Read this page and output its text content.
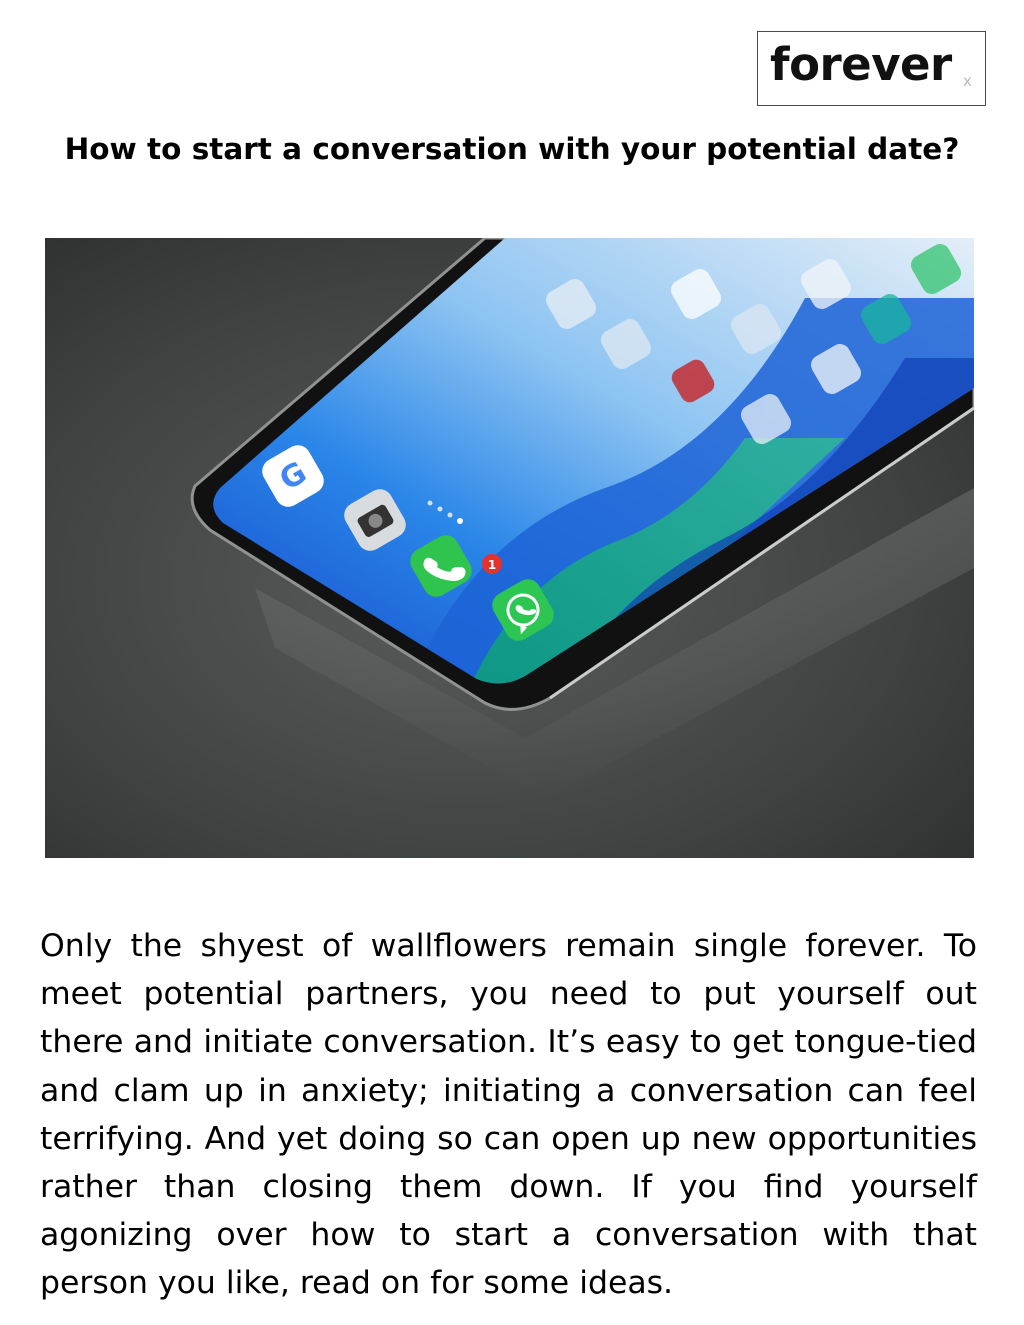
forever x
How to start a conversation with your potential date?
G
1

Only the shyest of wallflowers remain single forever. To meet potential partners, you need to put yourself out there and initiate conversation. It’s easy to get tongue-tied and clam up in anxiety; initiating a conversation can feel terrifying. And yet doing so can open up new opportunities rather than closing them down. If you find yourself agonizing over how to start a conversation with that person you like, read on for some ideas.
